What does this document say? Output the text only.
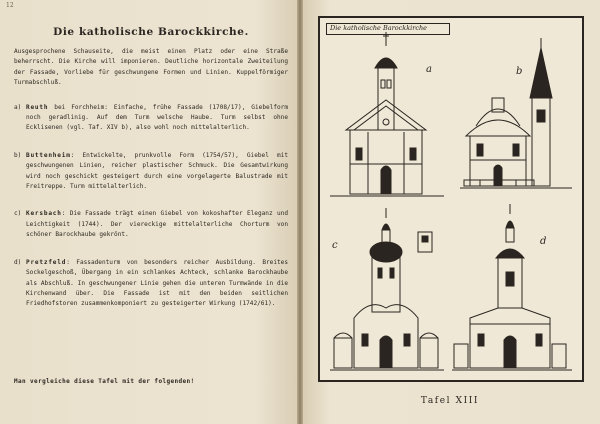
12
Die katholische Barockkirche.

Ausgesprochene Schauseite, die meist einen Platz oder eine Straße beherrscht. Die Kirche will imponieren. Deutliche horizontale Zweiteilung der Fassade, Vorliebe für geschwungene Formen und Linien. Kuppelförmiger Turmabschluß.

a) Reuth bei Forchheim: Einfache, frühe Fassade (1708/17), Giebelform noch geradlinig. Auf dem Turm welsche Haube. Turm selbst ohne Ecklisenen (vgl. Taf. XIV b), also wohl noch mittelalterlich.
b) Buttenheim: Entwickelte, prunkvolle Form (1754/57), Giebel mit geschwungenen Linien, reicher plastischer Schmuck. Die Gesamtwirkung wird noch geschickt gesteigert durch eine vorgelagerte Balustrade mit Freitreppe. Turm mittelalterlich.
c) Kersbach: Die Fassade trägt einen Giebel von kokoshafter Eleganz und Leichtigkeit (1744). Der viereckige mittelalterliche Chorturm von schöner Barockhaube gekrönt.
d) Pretzfeld: Fassadenturm von besonders reicher Ausbildung. Breites Sockelgeschoß, Übergang in ein schlankes Achteck, schlanke Barockhaube als Abschluß. In geschwungener Linie gehen die unteren Turmwände in die Kirchenwand über. Die Fassade ist mit den beiden seitlichen Friedhofstoren zusammenkomponiert zu gesteigerter Wirkung (1742/61).
Man vergleiche diese Tafel mit der folgenden!
Die katholische Barockkirche
a	b
c	d
Tafel XIII
